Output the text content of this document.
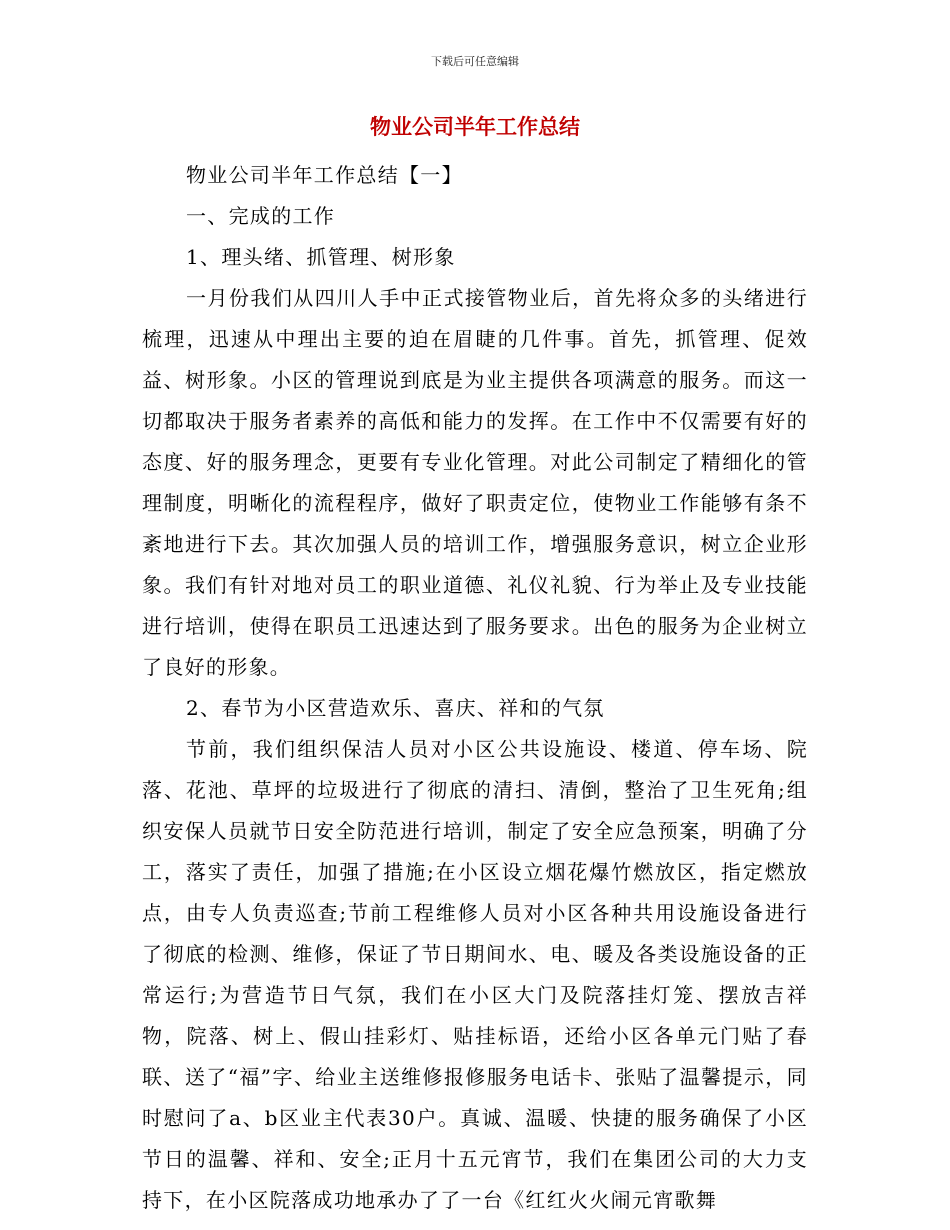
下载后可任意编辑
物业公司半年工作总结

物业公司半年工作总结【一】

一、完成的工作

1、理头绪、抓管理、树形象

一月份我们从四川人手中正式接管物业后，首先将众多的头绪进行梳理，迅速从中理出主要的迫在眉睫的几件事。首先，抓管理、促效益、树形象。小区的管理说到底是为业主提供各项满意的服务。而这一切都取决于服务者素养的高低和能力的发挥。在工作中不仅需要有好的态度、好的服务理念，更要有专业化管理。对此公司制定了精细化的管理制度，明晰化的流程程序，做好了职责定位，使物业工作能够有条不紊地进行下去。其次加强人员的培训工作，增强服务意识，树立企业形象。我们有针对地对员工的职业道德、礼仪礼貌、行为举止及专业技能进行培训，使得在职员工迅速达到了服务要求。出色的服务为企业树立了良好的形象。

2、春节为小区营造欢乐、喜庆、祥和的气氛

节前，我们组织保洁人员对小区公共设施设、楼道、停车场、院落、花池、草坪的垃圾进行了彻底的清扫、清倒，整治了卫生死角;组织安保人员就节日安全防范进行培训，制定了安全应急预案，明确了分工，落实了责任，加强了措施;在小区设立烟花爆竹燃放区，指定燃放点，由专人负责巡查;节前工程维修人员对小区各种共用设施设备进行了彻底的检测、维修，保证了节日期间水、电、暖及各类设施设备的正常运行;为营造节日气氛，我们在小区大门及院落挂灯笼、摆放吉祥物，院落、树上、假山挂彩灯、贴挂标语，还给小区各单元门贴了春联、送了“福”字、给业主送维修报修服务电话卡、张贴了温馨提示，同时慰问了a、b区业主代表30户。真诚、温暖、快捷的服务确保了小区节日的温馨、祥和、安全;正月十五元宵节，我们在集团公司的大力支持下，在小区院落成功地承办了了一台《红红火火闹元宵歌舞
